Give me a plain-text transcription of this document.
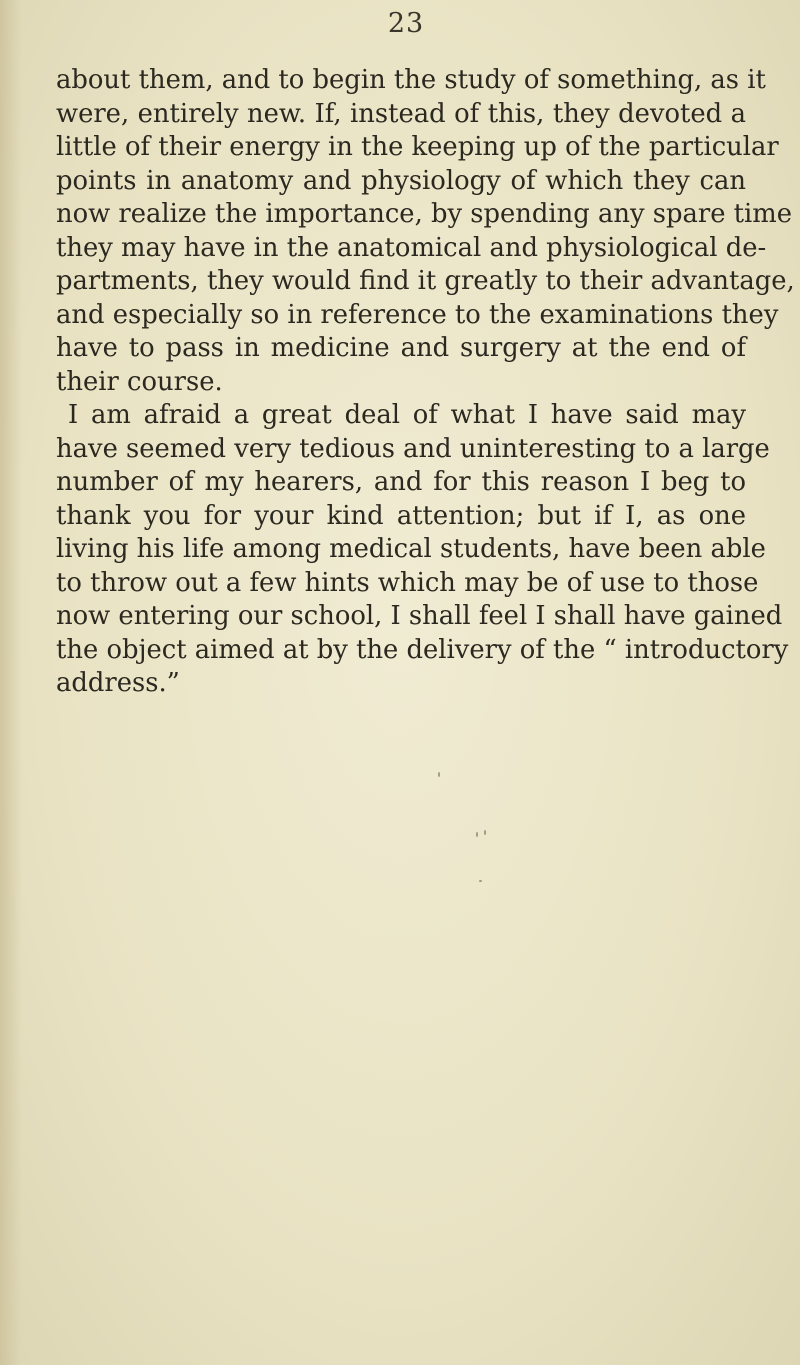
23

about them, and to begin the study of something, as it
were, entirely new. If, instead of this, they devoted a
little of their energy in the keeping up of the particular
points in anatomy and physiology of which they can
now realize the importance, by spending any spare time
they may have in the anatomical and physiological de-
partments, they would find it greatly to their advantage,
and especially so in reference to the examinations they
have to pass in medicine and surgery at the end of
their course.

I am afraid a great deal of what I have said may
have seemed very tedious and uninteresting to a large
number of my hearers, and for this reason I beg to
thank you for your kind attention; but if I, as one
living his life among medical students, have been able
to throw out a few hints which may be of use to those
now entering our school, I shall feel I shall have gained
the object aimed at by the delivery of the “ introductory
address.”
